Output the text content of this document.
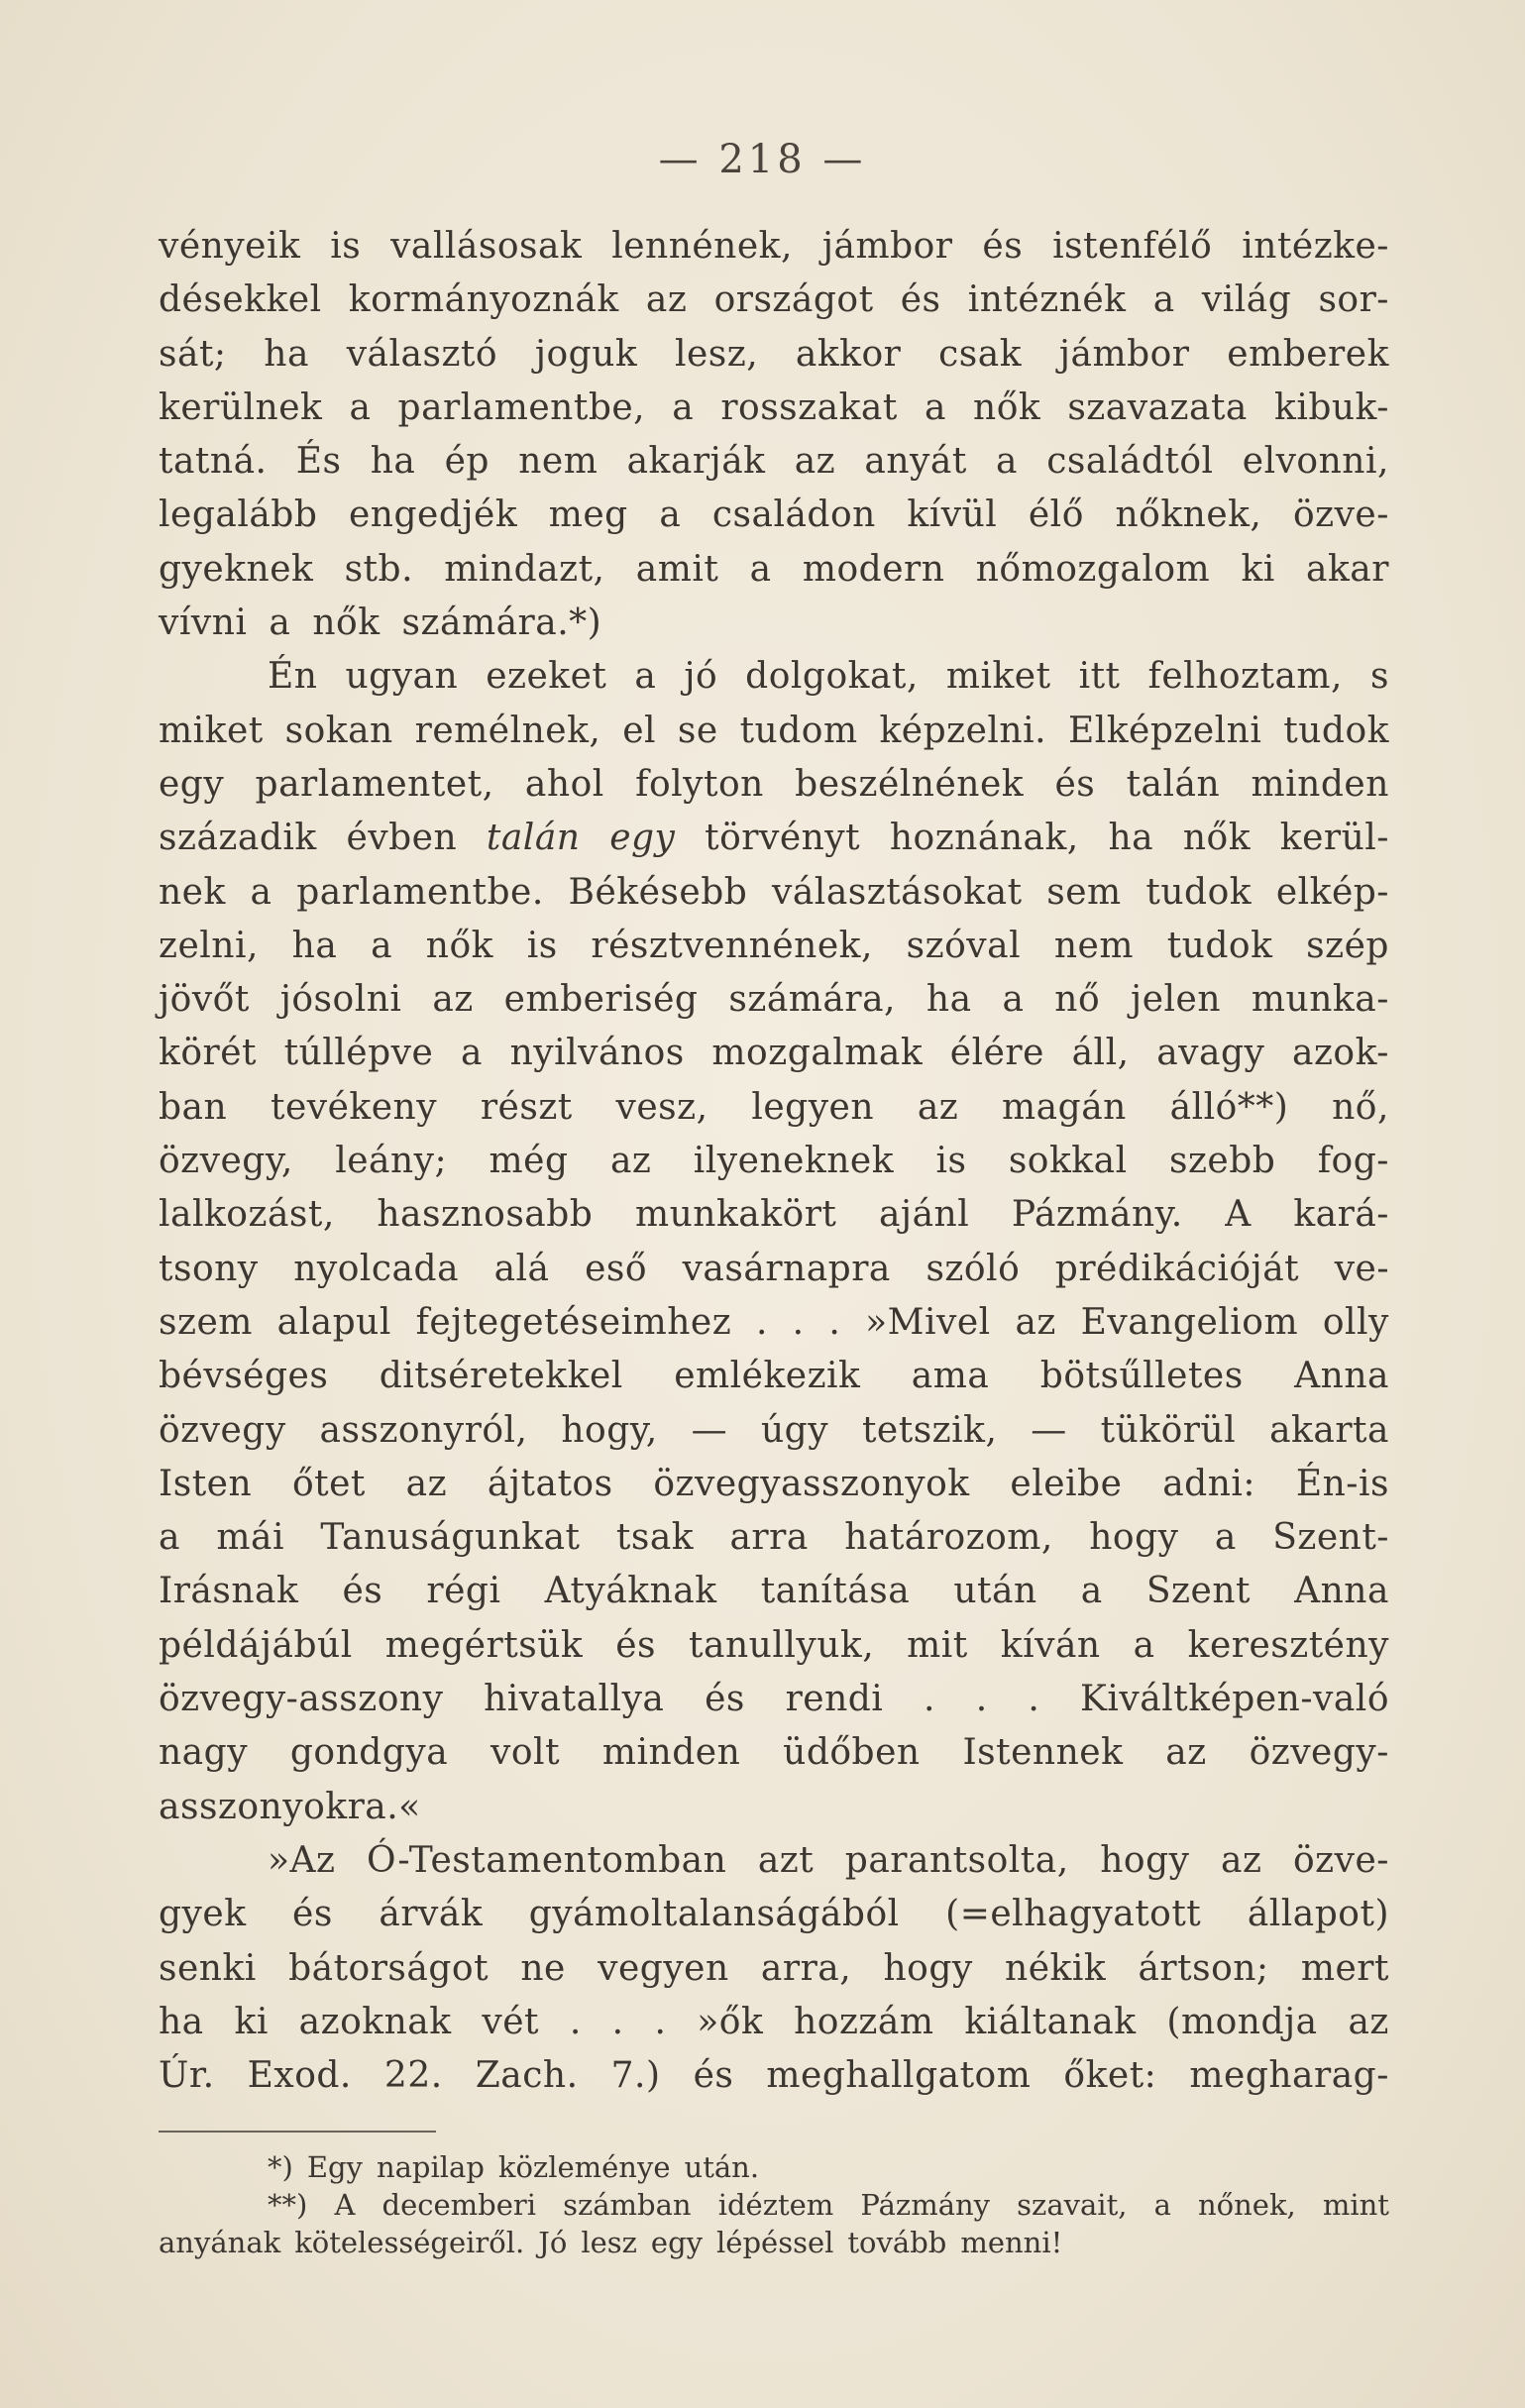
— 218 —
vényeik is vallásosak lennének, jámbor és istenfélő intézke-
désekkel kormányoznák az országot és intéznék a világ sor-
sát; ha választó joguk lesz, akkor csak jámbor emberek
kerülnek a parlamentbe, a rosszakat a nők szavazata kibuk-
tatná. És ha ép nem akarják az anyát a családtól elvonni,
legalább engedjék meg a családon kívül élő nőknek, özve-
gyeknek stb. mindazt, amit a modern nőmozgalom ki akar
vívni a nők számára.*)
Én ugyan ezeket a jó dolgokat, miket itt felhoztam, s
miket sokan remélnek, el se tudom képzelni. Elképzelni tudok
egy parlamentet, ahol folyton beszélnének és talán minden
századik évben talán egy törvényt hoznának, ha nők kerül-
nek a parlamentbe. Békésebb választásokat sem tudok elkép-
zelni, ha a nők is résztvennének, szóval nem tudok szép
jövőt jósolni az emberiség számára, ha a nő jelen munka-
körét túllépve a nyilvános mozgalmak élére áll, avagy azok-
ban tevékeny részt vesz, legyen az magán álló**) nő,
özvegy, leány; még az ilyeneknek is sokkal szebb fog-
lalkozást, hasznosabb munkakört ajánl Pázmány. A kará-
tsony nyolcada alá eső vasárnapra szóló prédikációját ve-
szem alapul fejtegetéseimhez . . . »Mivel az Evangeliom olly
bévséges ditséretekkel emlékezik ama bötsűlletes Anna
özvegy asszonyról, hogy, — úgy tetszik, — tükörül akarta
Isten őtet az ájtatos özvegyasszonyok eleibe adni: Én-is
a mái Tanuságunkat tsak arra határozom, hogy a Szent-
Irásnak és régi Atyáknak tanítása után a Szent Anna
példájábúl megértsük és tanullyuk, mit kíván a keresztény
özvegy-asszony hivatallya és rendi . . . Kiváltképen-való
nagy gondgya volt minden üdőben Istennek az özvegy-
asszonyokra.«
»Az Ó-Testamentomban azt parantsolta, hogy az özve-
gyek és árvák gyámoltalanságából (=elhagyatott állapot)
senki bátorságot ne vegyen arra, hogy nékik ártson; mert
ha ki azoknak vét . . . »ők hozzám kiáltanak (mondja az
Úr. Exod. 22. Zach. 7.) és meghallgatom őket: megharag-
*) Egy napilap közleménye után.
**) A decemberi számban idéztem Pázmány szavait, a nőnek, mint
anyának kötelességeiről. Jó lesz egy lépéssel tovább menni!
